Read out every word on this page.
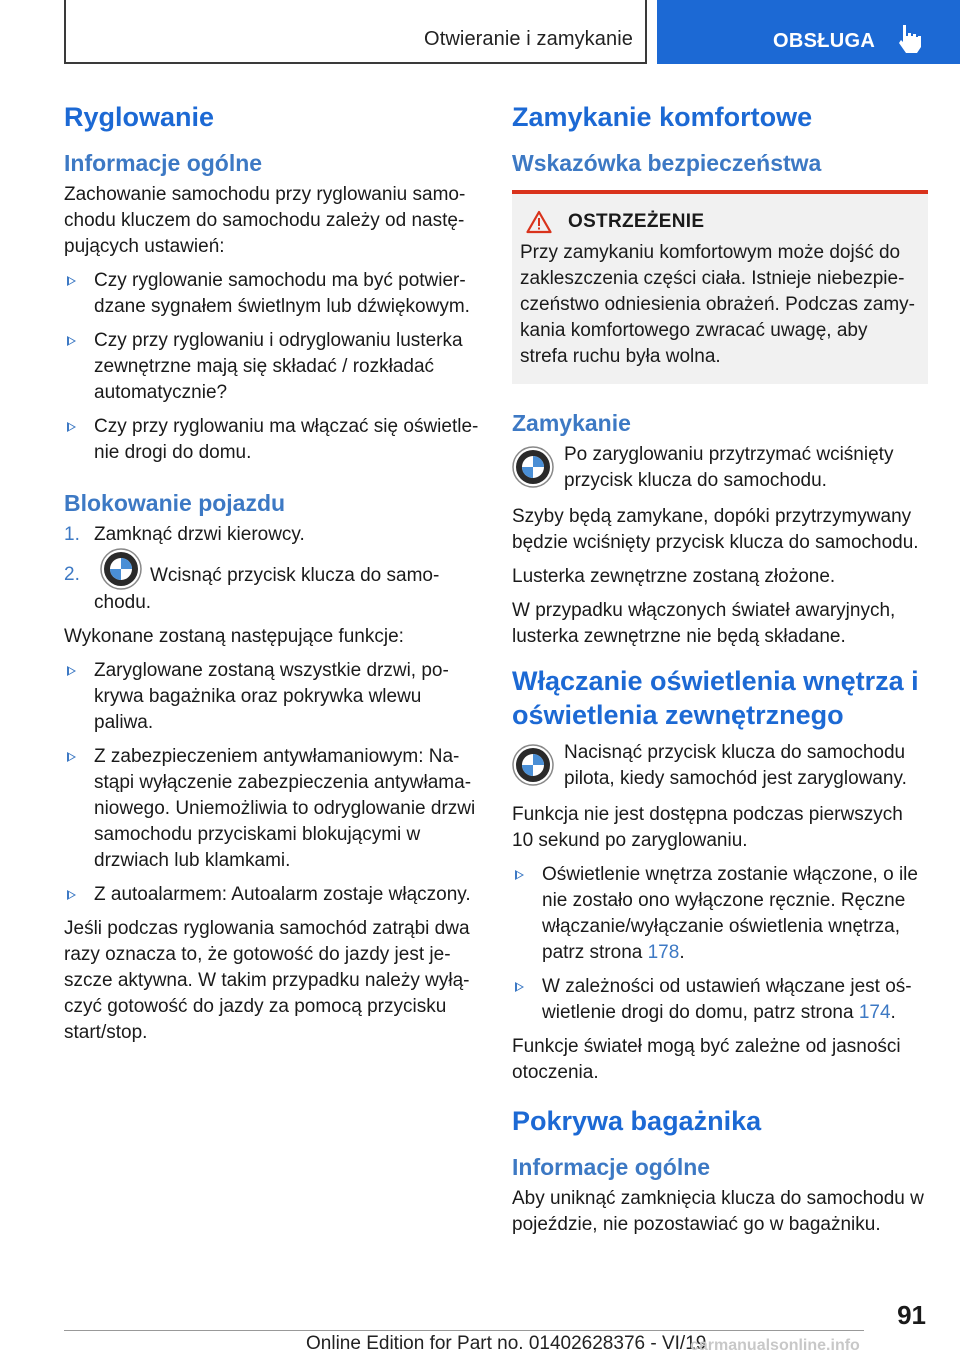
Otwieranie i zamykanie	OBSŁUGA
Ryglowanie
Informacje ogólne

Zachowanie samochodu przy ryglowaniu samochodu kluczem do samochodu zależy od następujących ustawień:

Czy ryglowanie samochodu ma być potwierdzane sygnałem świetlnym lub dźwiękowym.
Czy przy ryglowaniu i odryglowaniu lusterka zewnętrzne mają się składać / rozkładać automatycznie?
Czy przy ryglowaniu ma włączać się oświetlenie drogi do domu.
Blokowanie pojazdu
1. Zamknąć drzwi kierowcy.
2.	Wcisnąć przycisk klucza do samochodu.

Wykonane zostaną następujące funkcje:

Zaryglowane zostaną wszystkie drzwi, pokrywa bagażnika oraz pokrywka wlewu paliwa.
Z zabezpieczeniem antywłamaniowym: Nastąpi wyłączenie zabezpieczenia antywłamaniowego. Uniemożliwia to odryglowanie drzwi samochodu przyciskami blokującymi w drzwiach lub klamkami.
Z autoalarmem: Autoalarm zostaje włączony.

Jeśli podczas ryglowania samochód zatrąbi dwa razy oznacza to, że gotowość do jazdy jest jeszcze aktywna. W takim przypadku należy wyłączyć gotowość do jazdy za pomocą przycisku start/stop.

Zamykanie komfortowe
Wskazówka bezpieczeństwa
OSTRZEŻENIE

Przy zamykaniu komfortowym może dojść do zakleszczenia części ciała. Istnieje niebezpieczeństwo odniesienia obrażeń. Podczas zamykania komfortowego zwracać uwagę, aby strefa ruchu była wolna.

Zamykanie

Po zaryglowaniu przytrzymać wciśnięty przycisk klucza do samochodu.

Szyby będą zamykane, dopóki przytrzymywany będzie wciśnięty przycisk klucza do samochodu.

Lusterka zewnętrzne zostaną złożone.

W przypadku włączonych świateł awaryjnych, lusterka zewnętrzne nie będą składane.

Włączanie oświetlenia wnętrza i oświetlenia zewnętrznego

Nacisnąć przycisk klucza do samochodu pilota, kiedy samochód jest zaryglowany.

Funkcja nie jest dostępna podczas pierwszych 10 sekund po zaryglowaniu.

Oświetlenie wnętrza zostanie włączone, o ile nie zostało ono wyłączone ręcznie. Ręczne włączanie/wyłączanie oświetlenia wnętrza, patrz strona 178.
W zależności od ustawień włączane jest oświetlenie drogi do domu, patrz strona 174.

Funkcje świateł mogą być zależne od jasności otoczenia.

Pokrywa bagażnika
Informacje ogólne

Aby uniknąć zamknięcia klucza do samochodu w pojeździe, nie pozostawiać go w bagażniku.

91
Online Edition for Part no. 01402628376 - VI/19
carmanualsonline.info
